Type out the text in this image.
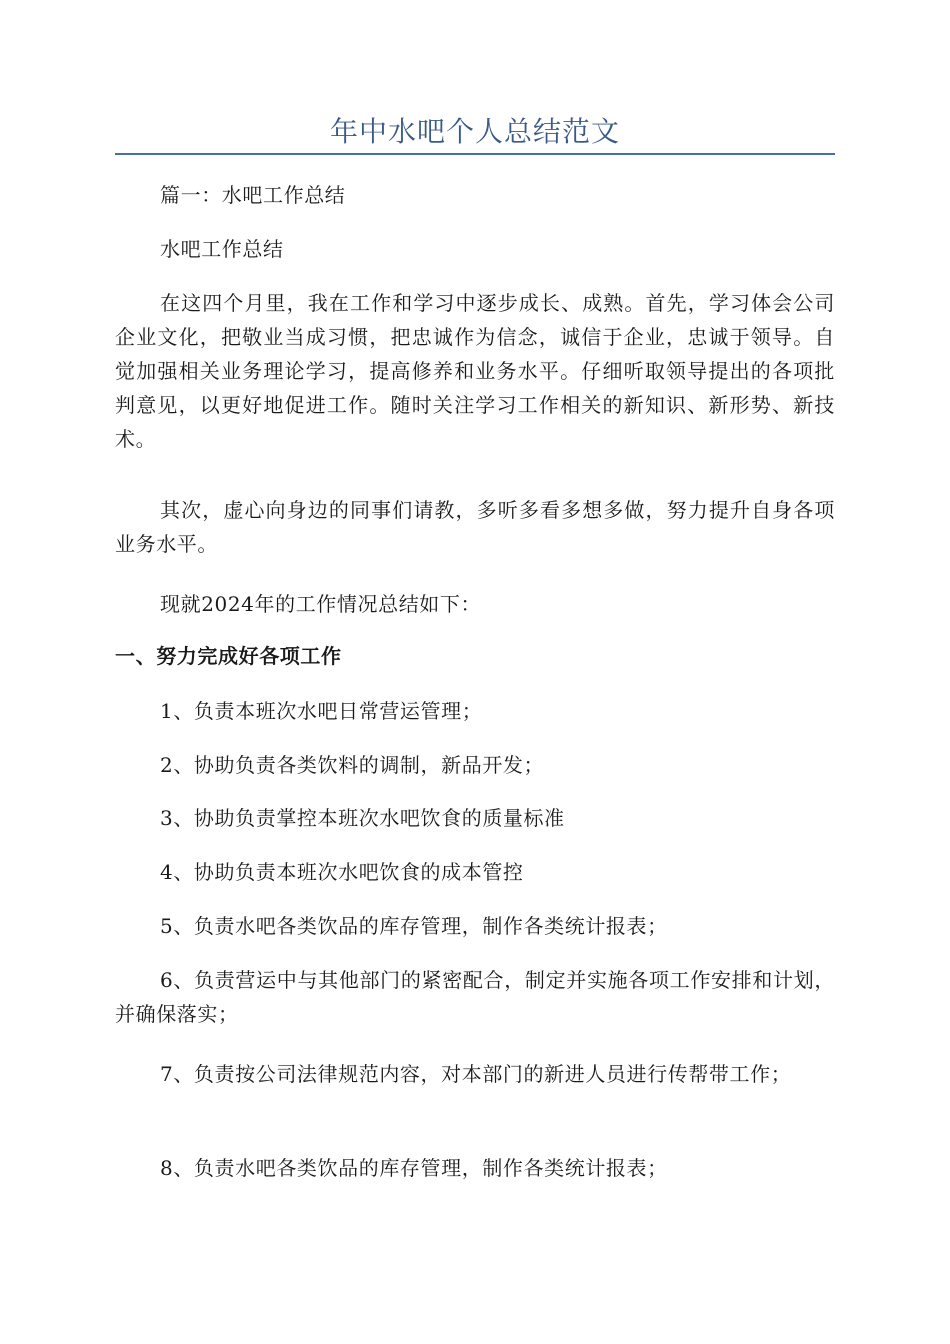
年中水吧个人总结范文

篇一：水吧工作总结

水吧工作总结

在这四个月里，我在工作和学习中逐步成长、成熟。首先，学习体会公司企业文化，把敬业当成习惯，把忠诚作为信念，诚信于企业，忠诚于领导。自觉加强相关业务理论学习，提高修养和业务水平。仔细听取领导提出的各项批判意见，以更好地促进工作。随时关注学习工作相关的新知识、新形势、新技术。

其次，虚心向身边的同事们请教，多听多看多想多做，努力提升自身各项业务水平。

现就2024年的工作情况总结如下：

一、努力完成好各项工作

1、负责本班次水吧日常营运管理；

2、协助负责各类饮料的调制，新品开发；

3、协助负责掌控本班次水吧饮食的质量标准

4、协助负责本班次水吧饮食的成本管控

5、负责水吧各类饮品的库存管理，制作各类统计报表；

6、负责营运中与其他部门的紧密配合，制定并实施各项工作安排和计划，并确保落实；

7、负责按公司法律规范内容，对本部门的新进人员进行传帮带工作；

8、负责水吧各类饮品的库存管理，制作各类统计报表；
